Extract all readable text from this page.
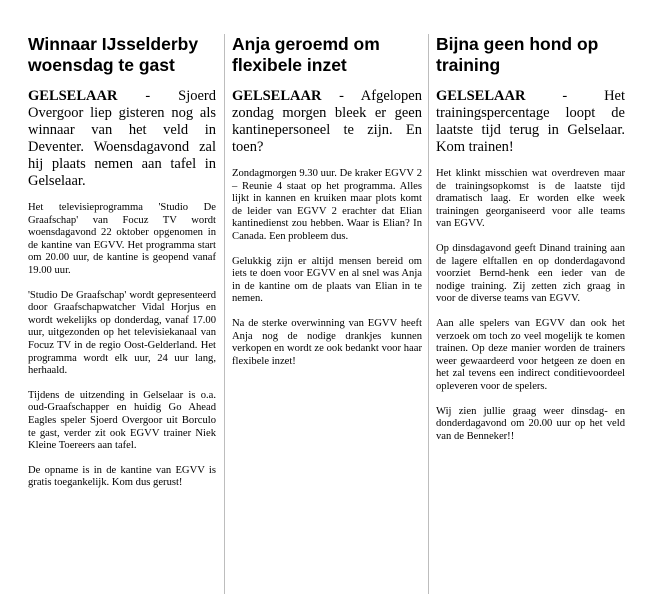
Winnaar IJsselderby woensdag te gast

GELSELAAR - Sjoerd Overgoor liep gisteren nog als winnaar van het veld in Deventer. Woensdagavond zal hij plaats nemen aan tafel in Gelselaar.

Het televisieprogramma 'Studio De Graafschap' van Focuz TV wordt woensdagavond 22 oktober opgenomen in de kantine van EGVV. Het programma start om 20.00 uur, de kantine is geopend vanaf 19.00 uur.

'Studio De Graafschap' wordt gepresenteerd door Graafschapwatcher Vidal Horjus en wordt wekelijks op donderdag, vanaf 17.00 uur, uitgezonden op het televisiekanaal van Focuz TV in de regio Oost-Gelderland. Het programma wordt elk uur, 24 uur lang, herhaald.

Tijdens de uitzending in Gelselaar is o.a. oud-Graafschapper en huidig Go Ahead Eagles speler Sjoerd Overgoor uit Borculo te gast, verder zit ook EGVV trainer Niek Kleine Toereers aan tafel.

De opname is in de kantine van EGVV is gratis toegankelijk. Kom dus gerust!

Anja geroemd om flexibele inzet

GELSELAAR - Afgelopen zondag morgen bleek er geen kantinepersoneel te zijn. En toen?

Zondagmorgen 9.30 uur. De kraker EGVV 2 – Reunie 4 staat op het programma. Alles lijkt in kannen en kruiken maar plots komt de leider van EGVV 2 erachter dat Elian kantinedienst zou hebben. Waar is Elian? In Canada. Een probleem dus.

Gelukkig zijn er altijd mensen bereid om iets te doen voor EGVV en al snel was Anja in de kantine om de plaats van Elian in te nemen.

Na de sterke overwinning van EGVV heeft Anja nog de nodige drankjes kunnen verkopen en wordt ze ook bedankt voor haar flexibele inzet!

Bijna geen hond op training

GELSELAAR - Het trainingspercentage loopt de laatste tijd terug in Gelselaar. Kom trainen!

Het klinkt misschien wat overdreven maar de trainingsopkomst is de laatste tijd dramatisch laag. Er worden elke week trainingen georganiseerd voor alle teams van EGVV.

Op dinsdagavond geeft Dinand training aan de lagere elftallen en op donderdagavond voorziet Bernd-henk een ieder van de nodige training. Zij zetten zich graag in voor de diverse teams van EGVV.

Aan alle spelers van EGVV dan ook het verzoek om toch zo veel mogelijk te komen trainen. Op deze manier worden de trainers weer gewaardeerd voor hetgeen ze doen en het zal tevens een indirect conditievoordeel opleveren voor de spelers.

Wij zien jullie graag weer dinsdag- en donderdagavond om 20.00 uur op het veld van de Benneker!!
